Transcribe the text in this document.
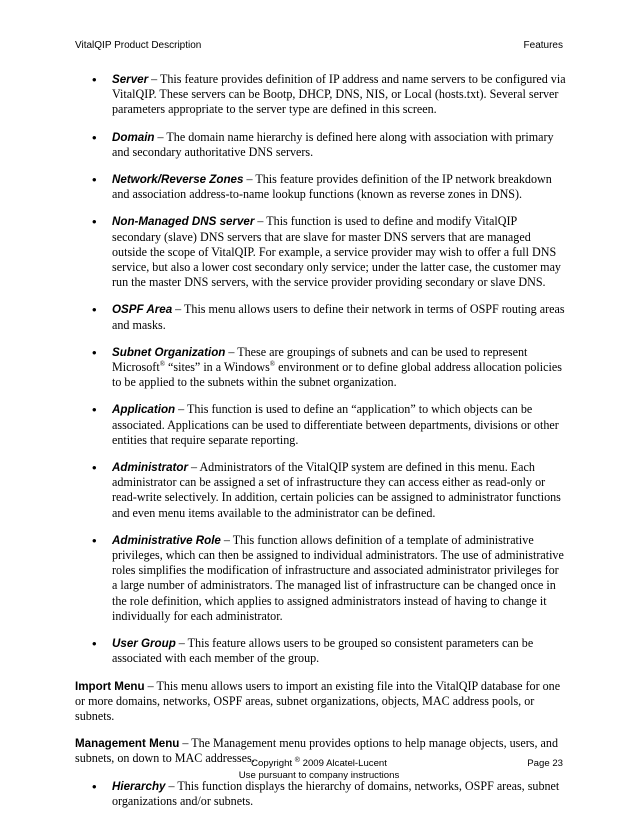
VitalQIP Product Description	Features

• Server – This feature provides definition of IP address and name servers to be configured via VitalQIP. These servers can be Bootp, DHCP, DNS, NIS, or Local (hosts.txt). Several server parameters appropriate to the server type are defined in this screen.

• Domain – The domain name hierarchy is defined here along with association with primary and secondary authoritative DNS servers.

• Network/Reverse Zones – This feature provides definition of the IP network breakdown and association address-to-name lookup functions (known as reverse zones in DNS).

• Non-Managed DNS server – This function is used to define and modify VitalQIP secondary (slave) DNS servers that are slave for master DNS servers that are managed outside the scope of VitalQIP. For example, a service provider may wish to offer a full DNS service, but also a lower cost secondary only service; under the latter case, the customer may run the master DNS servers, with the service provider providing secondary or slave DNS.

• OSPF Area – This menu allows users to define their network in terms of OSPF routing areas and masks.

• Subnet Organization – These are groupings of subnets and can be used to represent Microsoft® “sites” in a Windows® environment or to define global address allocation policies to be applied to the subnets within the subnet organization.

• Application – This function is used to define an “application” to which objects can be associated. Applications can be used to differentiate between departments, divisions or other entities that require separate reporting.

• Administrator – Administrators of the VitalQIP system are defined in this menu. Each administrator can be assigned a set of infrastructure they can access either as read-only or read-write selectively. In addition, certain policies can be assigned to administrator functions and even menu items available to the administrator can be defined.

• Administrative Role – This function allows definition of a template of administrative privileges, which can then be assigned to individual administrators. The use of administrative roles simplifies the modification of infrastructure and associated administrator privileges for a large number of administrators. The managed list of infrastructure can be changed once in the role definition, which applies to assigned administrators instead of having to change it individually for each administrator.

• User Group – This feature allows users to be grouped so consistent parameters can be associated with each member of the group.

Import Menu – This menu allows users to import an existing file into the VitalQIP database for one or more domains, networks, OSPF areas, subnet organizations, objects, MAC address pools, or subnets.

Management Menu – The Management menu provides options to help manage objects, users, and subnets, on down to MAC addresses.

• Hierarchy – This function displays the hierarchy of domains, networks, OSPF areas, subnet organizations and/or subnets.

Copyright ® 2009 Alcatel-Lucent
Use pursuant to company instructions
Page 23
